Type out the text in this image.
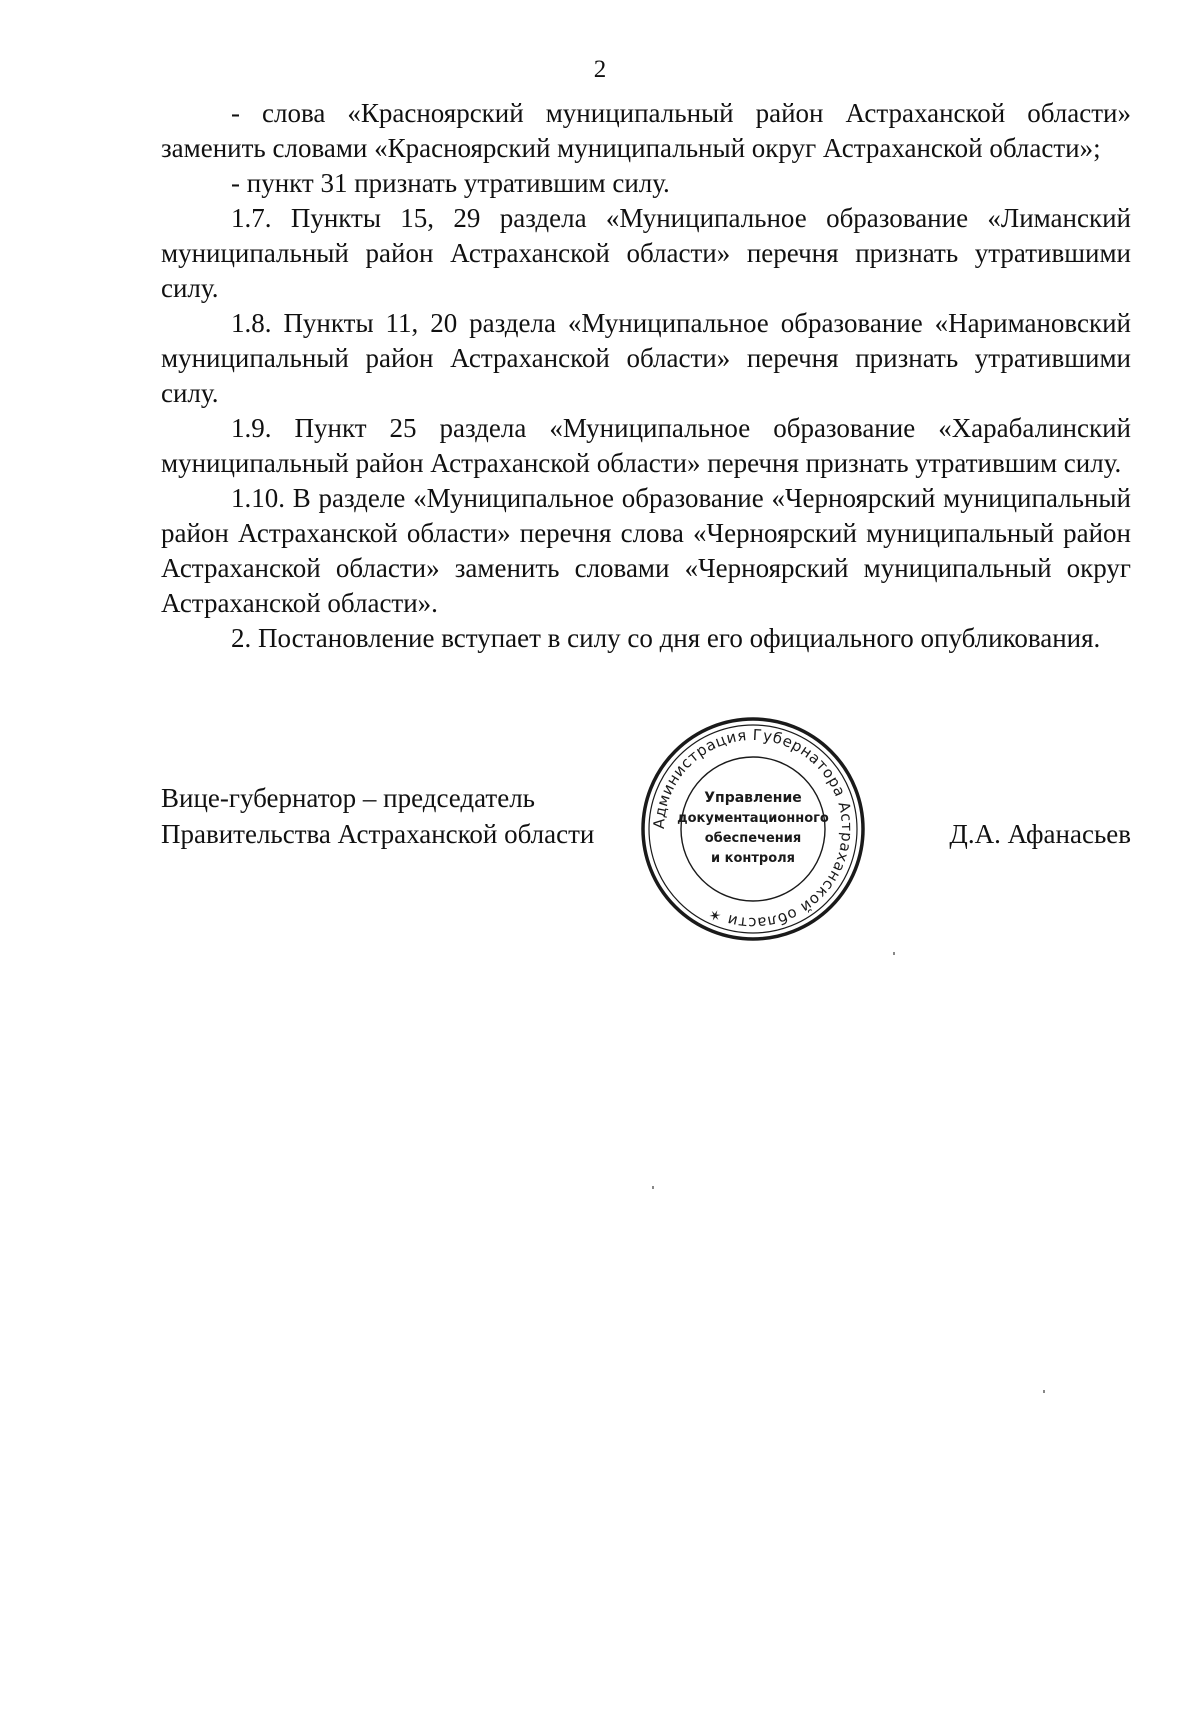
2

- слова «Красноярский муниципальный район Астраханской области» заменить словами «Красноярский муниципальный округ Астраханской области»;

- пункт 31 признать утратившим силу.

1.7. Пункты 15, 29 раздела «Муниципальное образование «Лиманский муниципальный район Астраханской области» перечня признать утратившими силу.

1.8. Пункты 11, 20 раздела «Муниципальное образование «Наримановский муниципальный район Астраханской области» перечня признать утратившими силу.

1.9. Пункт 25 раздела «Муниципальное образование «Харабалинский муниципальный район Астраханской области» перечня признать утратившим силу.

1.10. В разделе «Муниципальное образование «Черноярский муниципальный район Астраханской области» перечня слова «Черноярский муниципальный район Астраханской области» заменить словами «Черноярский муниципальный округ Астраханской области».

2. Постановление вступает в силу со дня его официального опубликования.

Вице-губернатор – председатель
Правительства Астраханской области	Д.А. Афанасьев
Администрация Губернатора Астраханской области ✶
Управление
документационного
обеспечения
и контроля
